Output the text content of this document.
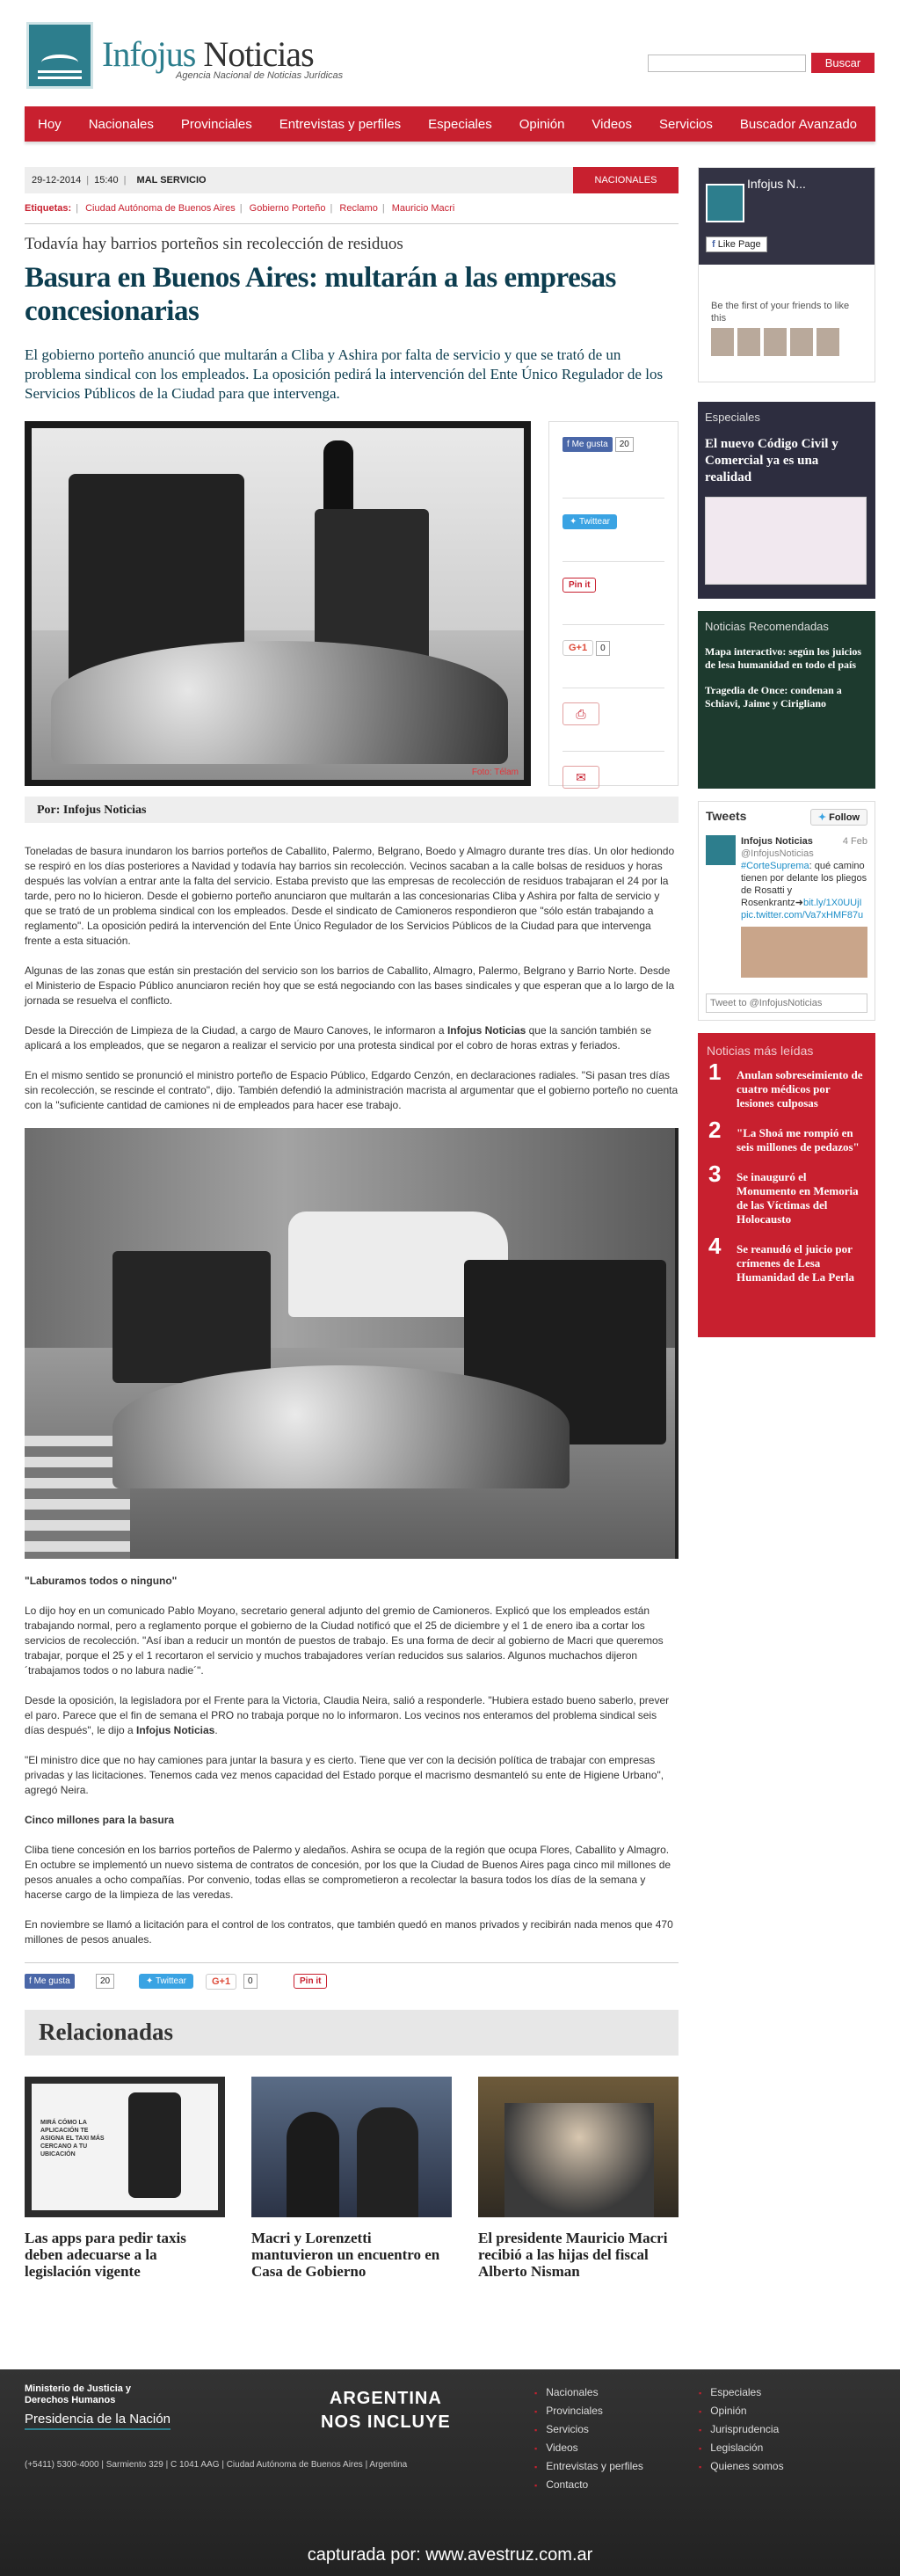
Infojus Noticias
Agencia Nacional de Noticias Jurídicas
Buscar
Hoy Nacionales Provinciales Entrevistas y perfiles Especiales Opinión Videos Servicios Buscador Avanzado
29-12-2014 | 15:40 | MAL SERVICIO	NACIONALES
Etiquetas: | Ciudad Autónoma de Buenos Aires | Gobierno Porteño | Reclamo | Mauricio Macri
Todavía hay barrios porteños sin recolección de residuos
Basura en Buenos Aires: multarán a las empresas concesionarias
El gobierno porteño anunció que multarán a Cliba y Ashira por falta de servicio y que se trató de un problema sindical con los empleados. La oposición pedirá la intervención del Ente Único Regulador de los Servicios Públicos de la Ciudad para que intervenga.
Foto: Télam
f Me gusta 20
✦ Twittear
Pin it
G+1 0
⎙
✉
Por: Infojus Noticias

Toneladas de basura inundaron los barrios porteños de Caballito, Palermo, Belgrano, Boedo y Almagro durante tres días. Un olor hediondo se respiró en los días posteriores a Navidad y todavía hay barrios sin recolección. Vecinos sacaban a la calle bolsas de residuos y horas después las volvían a entrar ante la falta del servicio. Estaba previsto que las empresas de recolección de residuos trabajaran el 24 por la tarde, pero no lo hicieron. Desde el gobierno porteño anunciaron que multarán a las concesionarias Cliba y Ashira por falta de servicio y que se trató de un problema sindical con los empleados. Desde el sindicato de Camioneros respondieron que "sólo están trabajando a reglamento". La oposición pedirá la intervención del Ente Único Regulador de los Servicios Públicos de la Ciudad para que intervenga frente a esta situación.

Algunas de las zonas que están sin prestación del servicio son los barrios de Caballito, Almagro, Palermo, Belgrano y Barrio Norte. Desde el Ministerio de Espacio Público anunciaron recién hoy que se está negociando con las bases sindicales y que esperan que a lo largo de la jornada se resuelva el conflicto.

Desde la Dirección de Limpieza de la Ciudad, a cargo de Mauro Canoves, le informaron a Infojus Noticias que la sanción también se aplicará a los empleados, que se negaron a realizar el servicio por una protesta sindical por el cobro de horas extras y feriados.

En el mismo sentido se pronunció el ministro porteño de Espacio Público, Edgardo Cenzón, en declaraciones radiales. "Si pasan tres días sin recolección, se rescinde el contrato", dijo. También defendió la administración macrista al argumentar que el gobierno porteño no cuenta con la "suficiente cantidad de camiones ni de empleados para hacer ese trabajo.

"Laburamos todos o ninguno"

Lo dijo hoy en un comunicado Pablo Moyano, secretario general adjunto del gremio de Camioneros. Explicó que los empleados están trabajando normal, pero a reglamento porque el gobierno de la Ciudad notificó que el 25 de diciembre y el 1 de enero iba a cortar los servicios de recolección. "Así iban a reducir un montón de puestos de trabajo. Es una forma de decir al gobierno de Macri que queremos trabajar, porque el 25 y el 1 recortaron el servicio y muchos trabajadores verían reducidos sus salarios. Algunos muchachos dijeron ´trabajamos todos o no labura nadie´".

Desde la oposición, la legisladora por el Frente para la Victoria, Claudia Neira, salió a responderle. "Hubiera estado bueno saberlo, prever el paro. Parece que el fin de semana el PRO no trabaja porque no lo informaron. Los vecinos nos enteramos del problema sindical seis días después", le dijo a Infojus Noticias.

"El ministro dice que no hay camiones para juntar la basura y es cierto. Tiene que ver con la decisión política de trabajar con empresas privadas y las licitaciones. Tenemos cada vez menos capacidad del Estado porque el macrismo desmanteló su ente de Higiene Urbano", agregó Neira.

Cinco millones para la basura

Cliba tiene concesión en los barrios porteños de Palermo y aledaños. Ashira se ocupa de la región que ocupa Flores, Caballito y Almagro. En octubre se implementó un nuevo sistema de contratos de concesión, por los que la Ciudad de Buenos Aires paga cinco mil millones de pesos anuales a ocho compañías. Por convenio, todas ellas se comprometieron a recolectar la basura todos los días de la semana y hacerse cargo de la limpieza de las veredas.

En noviembre se llamó a licitación para el control de los contratos, que también quedó en manos privados y recibirán nada menos que 470 millones de pesos anuales.

f Me gusta	20	✦ Twittear	G+1	0	Pin it
Relacionadas
MIRÁ CÓMO LA APLICACIÓN TE ASIGNA EL TAXI MÁS CERCANO A TU UBICACIÓN
Las apps para pedir taxis deben adecuarse a la legislación vigente
Macri y Lorenzetti mantuvieron un encuentro en Casa de Gobierno
El presidente Mauricio Macri recibió a las hijas del fiscal Alberto Nisman
Infojus N...
f Like Page
Be the first of your friends to like this
Especiales
El nuevo Código Civil y Comercial ya es una realidad
Noticias Recomendadas
Mapa interactivo: según los juicios de lesa humanidad en todo el país
Tragedia de Once: condenan a Schiavi, Jaime y Cirigliano
Tweets	✦ Follow
Infojus Noticias
@InfojusNoticias
4 Feb
#CorteSuprema: qué camino tienen por delante los pliegos de Rosatti y Rosenkrantz➜bit.ly/1X0UUjI pic.twitter.com/Va7xHMF87u
Tweet to @InfojusNoticias
Noticias más leídas
1 Anulan sobreseimiento de cuatro médicos por lesiones culposas
2 "La Shoá me rompió en seis millones de pedazos"
3 Se inauguró el Monumento en Memoria de las Víctimas del Holocausto
4 Se reanudó el juicio por crímenes de Lesa Humanidad de La Perla
Ministerio de Justicia y Derechos Humanos
Presidencia de la Nación
ARGENTINA
NOS INCLUYE
(+5411) 5300-4000 | Sarmiento 329 | C 1041 AAG | Ciudad Autónoma de Buenos Aires | Argentina
▪ Nacionales
▪ Provinciales
▪ Servicios
▪ Videos
▪ Entrevistas y perfiles
▪ Contacto
▪ Especiales
▪ Opinión
▪ Jurisprudencia
▪ Legislación
▪ Quienes somos
capturada por: www.avestruz.com.ar
